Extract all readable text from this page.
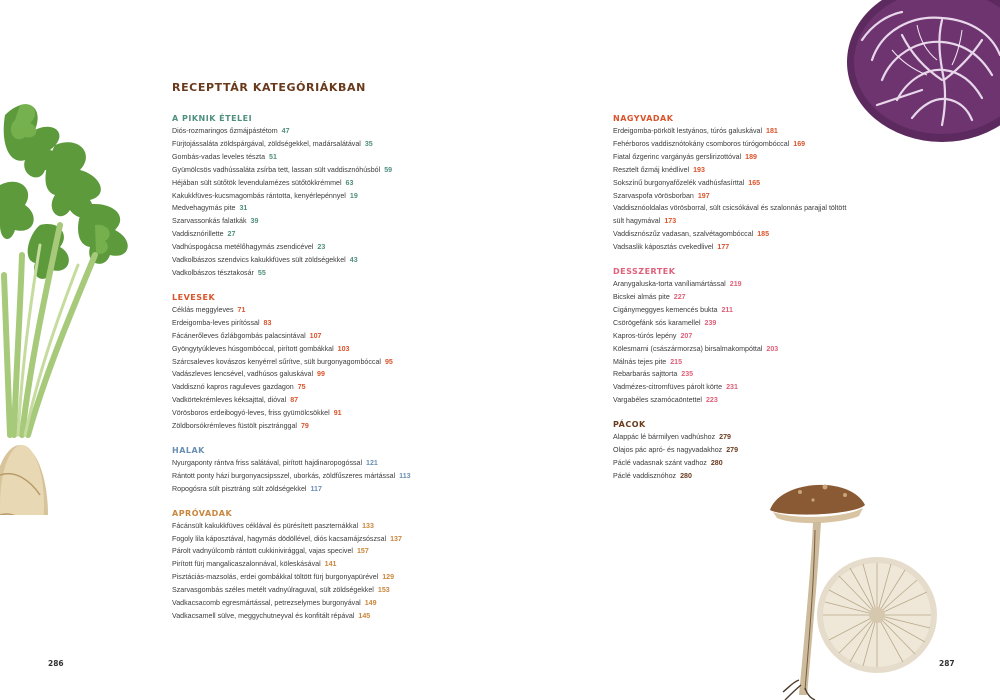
RECEPTTÁR KATEGÓRIÁKBAN
A PIKNIK ÉTELEI
Diós-rozmaringos őzmájpástétom 47
Fürjtojássaláta zöldspárgával, zöldségekkel, madársalátával 35
Gombás-vadas leveles tészta 51
Gyümölcsös vadhússaláta zsírba tett, lassan sült vaddisznóhúsból 59
Héjában sült sütőtök levendulamézes sütőtökkrémmel 63
Kakukkfüves-kucsmagombás rántotta, kenyérlepénnyel 19
Medvehagymás pite 31
Szarvassonkás falatkák 39
Vaddisznórillette 27
Vadhúspogácsa metélőhagymás zsendicével 23
Vadkolbászos szendvics kakukkfüves sült zöldségekkel 43
Vadkolbászos tésztakosár 55
LEVESEK
Céklás meggyleves 71
Erdeigomba-leves pirítóssal 83
Fácánerőleves őzlábgombás palacsintával 107
Gyöngytyúkleves húsgombóccal, pirított gombákkal 103
Szárcsaleves kovászos kenyérrel sűrítve, sült burgonyagombóccal 95
Vadászleves lencsével, vadhúsos galuskával 99
Vaddisznó kapros raguleves gazdagon 75
Vadkörtekrémleves kéksajttal, dióval 87
Vörösboros erdeibogyó-leves, friss gyümölcsökkel 91
Zöldborsókrémleves füstölt pisztránggal 79
HALAK
Nyurgaponty rántva friss salátával, pirított hajdinaropogóssal 121
Rántott ponty házi burgonyacsipsszel, uborkás, zöldfűszeres mártással 113
Ropogósra sült pisztráng sült zöldségekkel 117
APRÓVADAK
Fácánsült kakukkfüves céklával és pürésített paszternákkal 133
Fogoly lila káposztával, hagymás dödöllével, diós kacsamájzsószsal 137
Párolt vadnyúlcomb rántott cukkinivirággal, vajas specivel 157
Pirított fürj mangalicaszalonnával, köleskásával 141
Pisztáciás-mazsolás, erdei gombákkal töltött fürj burgonyapürével 129
Szarvasgombás széles metélt vadnyúlraguval, sült zöldségekkel 153
Vadkacsacomb egresmártással, petrezselymes burgonyával 149
Vadkacsamell sülve, meggychutneyval és konfitált répával 145
NAGYVADAK
Erdeigomba-pörkölt lestyános, túrós galuskával 181
Fehérboros vaddisznótokány csomboros túrógombóccal 169
Fiatal őzgerinc vargányás gerslirizottóval 189
Resztelt őzmáj knédlivel 193
Sokszínű burgonyafőzelék vadhúsfasírttal 165
Szarvaspofa vörösborban 197
Vaddisznóoldalas vörösborral, sült csicsókával és szalonnás parajjal töltött sült hagymával 173
Vaddisznószűz vadasan, szalvétagombóccal 185
Vadsaslik káposztás cvekedlivel 177
DESSZERTEK
Aranygaluska-torta vaníliamártással 219
Bicskei almás pite 227
Cigánymeggyes kemencés bukta 211
Csörögefánk sós karamellel 239
Kapros-túrós lepény 207
Kölesmarni (császármorzsa) birsalmakompóttal 203
Málnás tejes pite 215
Rebarbarás sajttorta 235
Vadmézes-citromfüves párolt körte 231
Vargabéles szamócaöntettel 223
PÁCOK
Alappác lé bármilyen vadhúshoz 279
Olajos pác apró- és nagyvadakhoz 279
Páclé vadasnak szánt vadhoz 280
Páclé vaddisznóhoz 280
286	287
